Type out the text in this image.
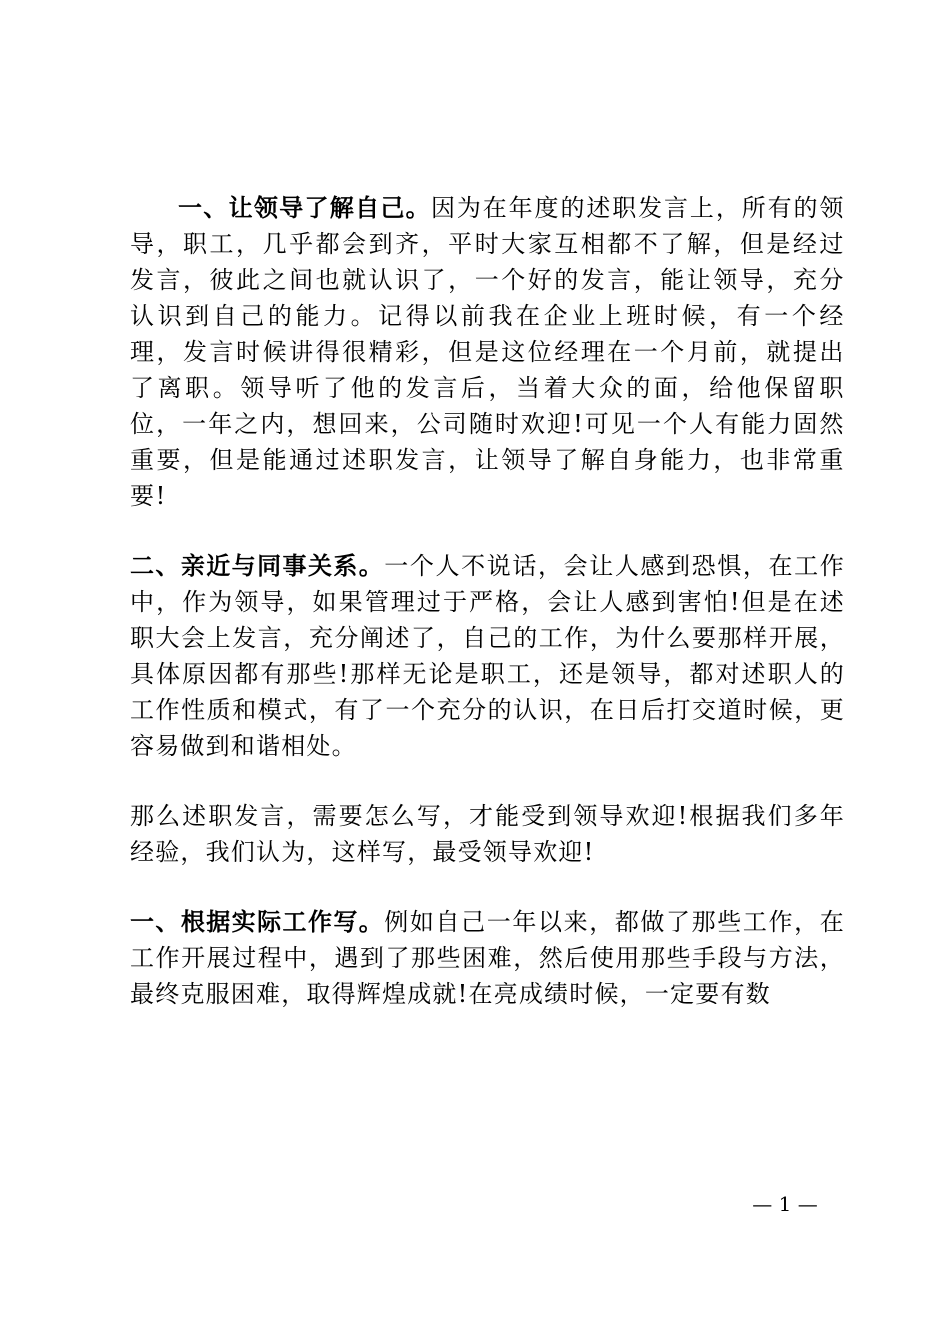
一、让领导了解自己。因为在年度的述职发言上，所有的领导，职工，几乎都会到齐，平时大家互相都不了解，但是经过发言，彼此之间也就认识了，一个好的发言，能让领导，充分认识到自己的能力。记得以前我在企业上班时候，有一个经理，发言时候讲得很精彩，但是这位经理在一个月前，就提出了离职。领导听了他的发言后，当着大众的面，给他保留职位，一年之内，想回来，公司随时欢迎!可见一个人有能力固然重要，但是能通过述职发言，让领导了解自身能力，也非常重要!

二、亲近与同事关系。一个人不说话，会让人感到恐惧，在工作中，作为领导，如果管理过于严格，会让人感到害怕!但是在述职大会上发言，充分阐述了，自己的工作，为什么要那样开展，具体原因都有那些!那样无论是职工，还是领导，都对述职人的工作性质和模式，有了一个充分的认识，在日后打交道时候，更容易做到和谐相处。

那么述职发言，需要怎么写，才能受到领导欢迎!根据我们多年经验，我们认为，这样写，最受领导欢迎!

一、根据实际工作写。例如自己一年以来，都做了那些工作，在工作开展过程中，遇到了那些困难，然后使用那些手段与方法，最终克服困难，取得辉煌成就!在亮成绩时候，一定要有数

— 1 —
